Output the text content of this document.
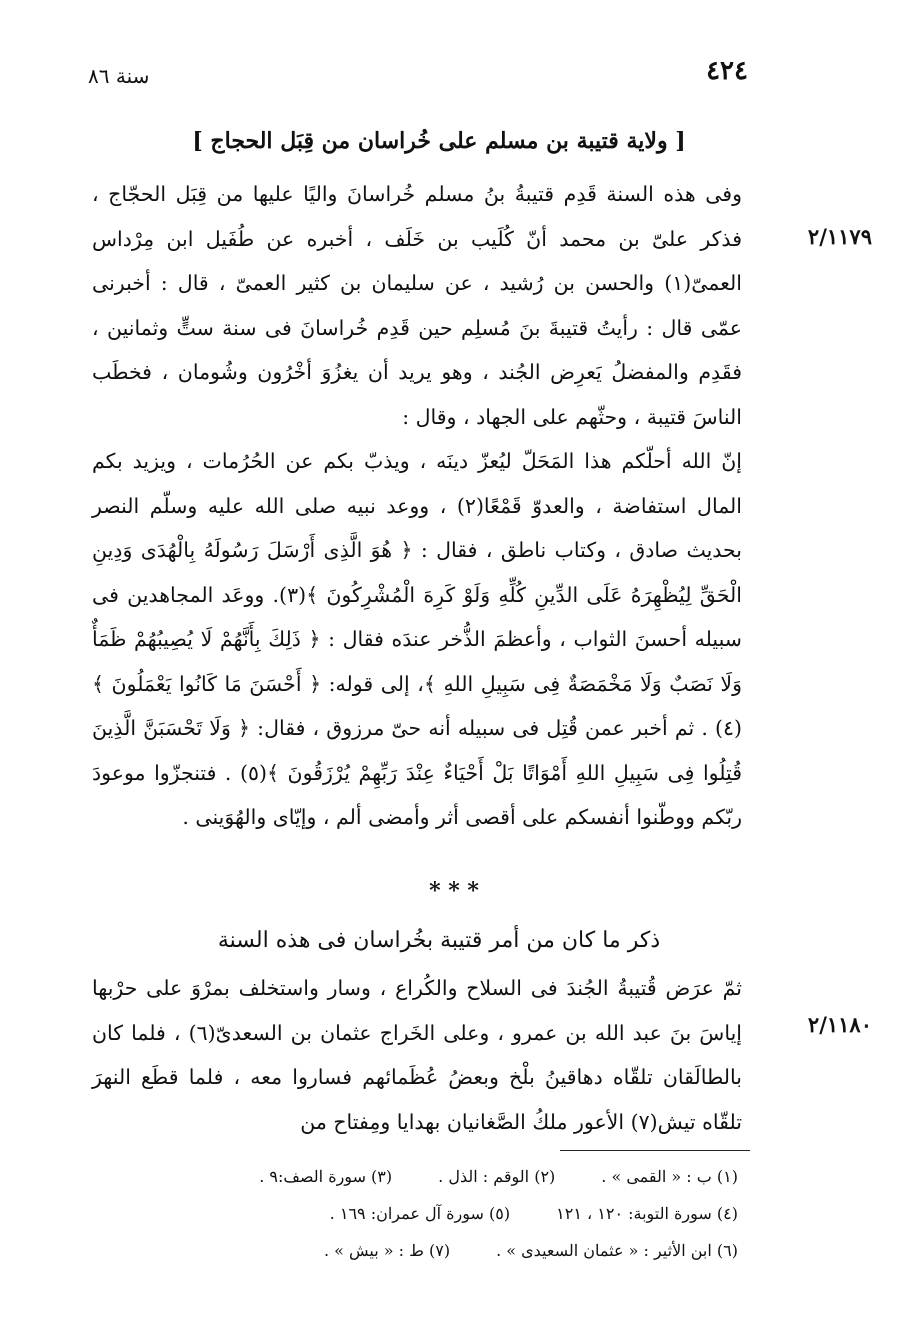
٤٢٤
سنة ٨٦
[ ولاية قتيبة بن مسلم على خُراسان من قِبَل الحجاج ]
٢/١١٧٩

وفى هذه السنة قَدِم قتيبةُ بنُ مسلم خُراسانَ واليًا عليها من قِبَل الحجّاج ، فذكر علىّ بن محمد أنّ كُلَيب بن خَلَف ، أخبره عن طُفَيل ابن مِرْداس العمىّ(١) والحسن بن رُشيد ، عن سليمان بن كثير العمىّ ، قال : أخبرنى عمّى قال : رأيتُ قتيبةَ بنَ مُسلِم حين قَدِم خُراسانَ فى سنة ستٍّ وثمانين ، فقَدِم والمفضلُ يَعرِض الجُند ، وهو يريد أن يغزُوَ أخْرُون وشُومان ، فخطَب الناسَ قتيبة ، وحثّهم على الجهاد ، وقال :

إنّ الله أحلّكم هذا المَحَلّ ليُعزّ دينَه ، ويذبّ بكم عن الحُرُمات ، ويزيد بكم المال استفاضة ، والعدوّ قَمْعًا(٢) ، ووعد نبيه صلى الله عليه وسلّم النصر بحديث صادق ، وكتاب ناطق ، فقال : ﴿ هُوَ الَّذِى أَرْسَلَ رَسُولَهُ بِالْهُدَى وَدِينِ الْحَقِّ لِيُظْهِرَهُ عَلَى الدِّينِ كُلِّهِ وَلَوْ كَرِهَ الْمُشْرِكُونَ ﴾(٣). ووعَد المجاهدين فى سبيله أحسنَ الثواب ، وأعظمَ الذُّخر عندَه فقال : ﴿ ذَلِكَ بِأَنَّهُمْ لَا يُصِيبُهُمْ ظَمَأٌ وَلَا نَصَبٌ وَلَا مَخْمَصَةٌ فِى سَبِيلِ اللهِ ﴾، إلى قوله: ﴿ أَحْسَنَ مَا كَانُوا يَعْمَلُونَ ﴾(٤) . ثم أخبر عمن قُتِل فى سبيله أنه حىّ مرزوق ، فقال: ﴿ وَلَا تَحْسَبَنَّ الَّذِينَ قُتِلُوا فِى سَبِيلِ اللهِ أَمْوَاتًا بَلْ أَحْيَاءٌ عِنْدَ رَبِّهِمْ يُرْزَقُونَ ﴾(٥) . فتنجزّوا موعودَ ربّكم ووطّنوا أنفسكم على أقصى أثر وأمضى ألم ، وإيّاى والهُوَينى .

* * *
ذكر ما كان من أمر قتيبة بخُراسان فى هذه السنة
٢/١١٨٠

ثمّ عرَض قُتيبةُ الجُندَ فى السلاح والكُراع ، وسار واستخلف بمرْوَ على حرْبها إياسَ بنَ عبد الله بن عمرو ، وعلى الخَراج عثمان بن السعدىّ(٦) ، فلما كان بالطالَقان تلقّاه دهاقينُ بلْخ وبعضُ عُظَمائهم فساروا معه ، فلما قطَع النهرَ تلقّاه تيش(٧) الأعور ملكُ الصَّغانيان بهدايا ومِفتاح من

(١) ب : « القمى » .
(٢) الوقم : الذل .
(٣) سورة الصف:٩ .
(٤) سورة التوبة: ١٢٠ ، ١٢١
(٥) سورة آل عمران: ١٦٩ .
(٦) ابن الأثير : « عثمان السعيدى » .
(٧) ط : « بيش » .
